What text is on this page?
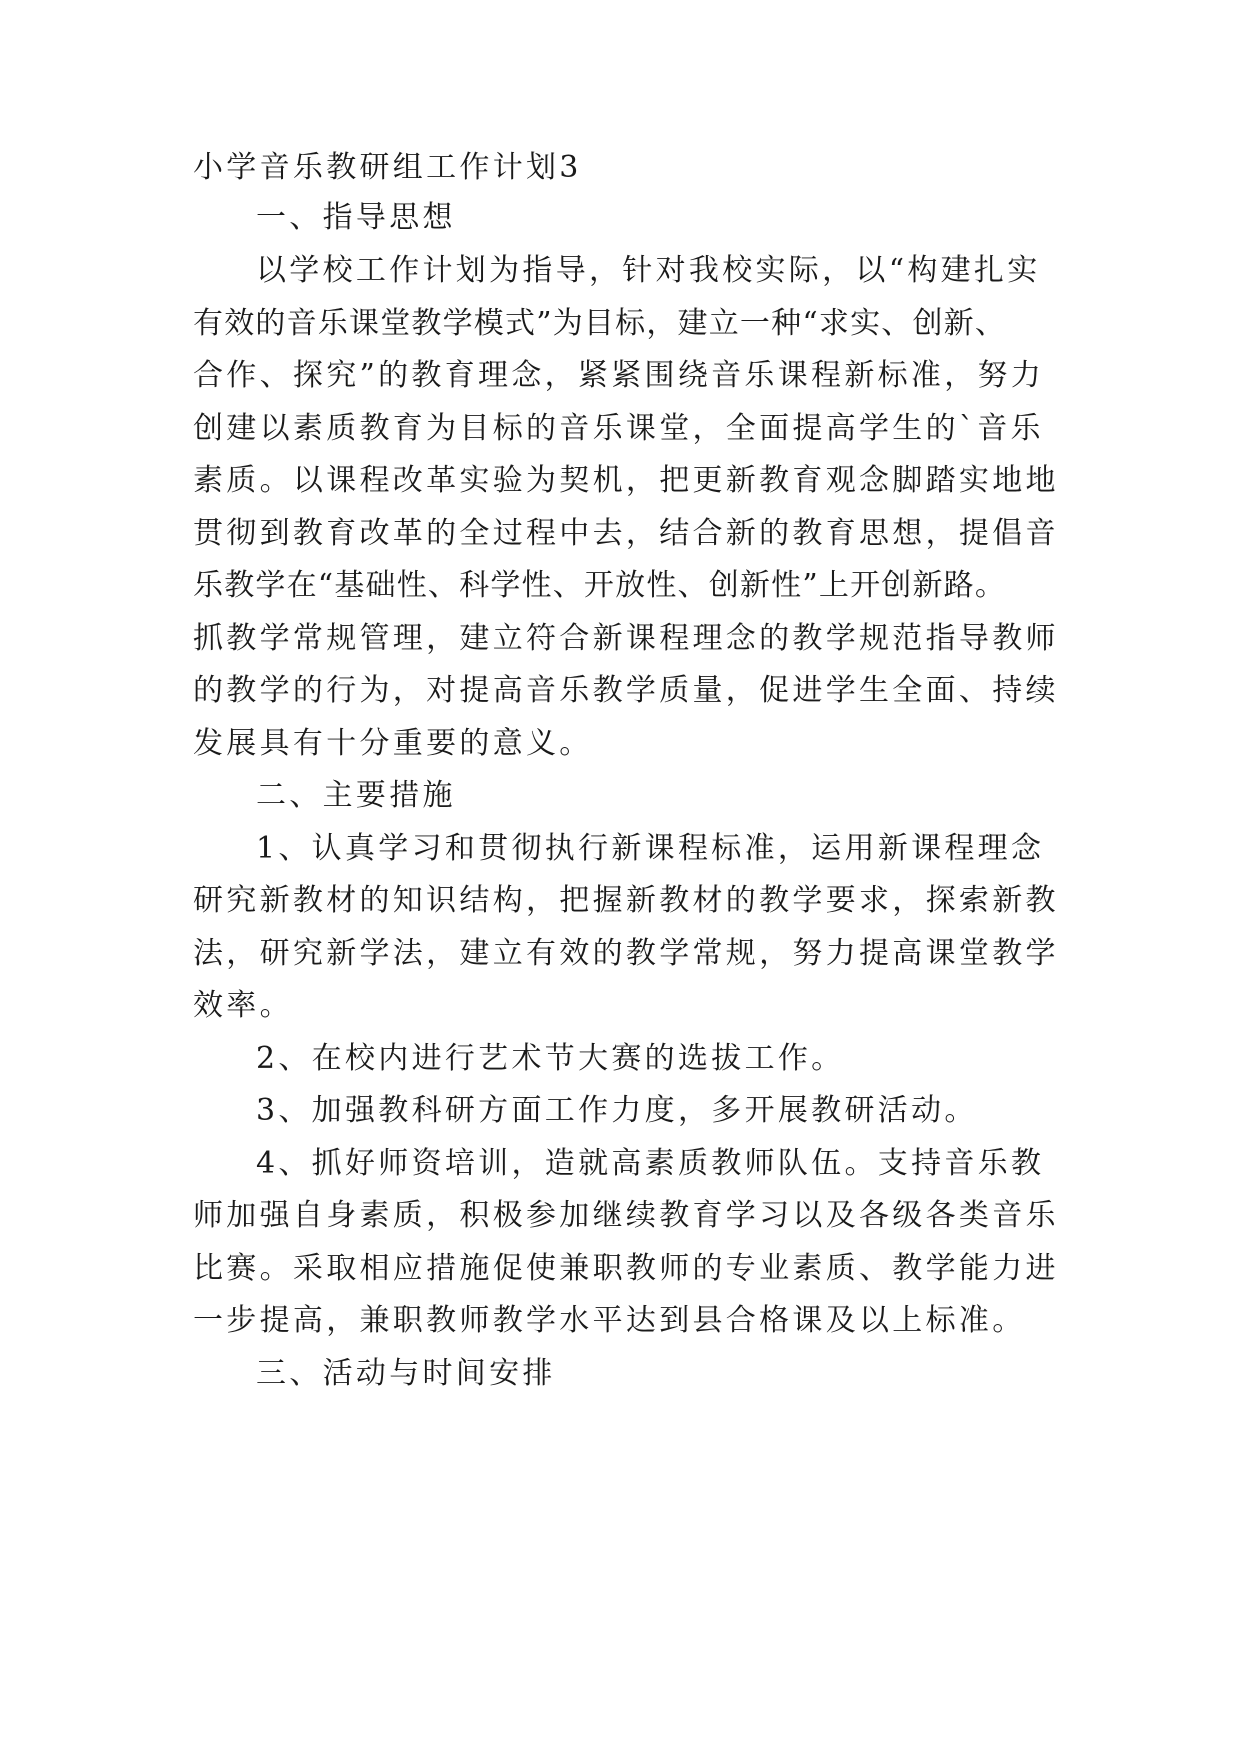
小学音乐教研组工作计划3
一、指导思想
以学校工作计划为指导，针对我校实际，以“构建扎实
有效的音乐课堂教学模式”为目标，建立一种“求实、创新、
合作、探究”的教育理念，紧紧围绕音乐课程新标准，努力
创建以素质教育为目标的音乐课堂，全面提高学生的`音乐
素质。以课程改革实验为契机，把更新教育观念脚踏实地地
贯彻到教育改革的全过程中去，结合新的教育思想，提倡音
乐教学在“基础性、科学性、开放性、创新性”上开创新路。
抓教学常规管理，建立符合新课程理念的教学规范指导教师
的教学的行为，对提高音乐教学质量，促进学生全面、持续
发展具有十分重要的意义。
二、主要措施
1、认真学习和贯彻执行新课程标准，运用新课程理念
研究新教材的知识结构，把握新教材的教学要求，探索新教
法，研究新学法，建立有效的教学常规，努力提高课堂教学
效率。
2、在校内进行艺术节大赛的选拔工作。
3、加强教科研方面工作力度，多开展教研活动。
4、抓好师资培训，造就高素质教师队伍。支持音乐教
师加强自身素质，积极参加继续教育学习以及各级各类音乐
比赛。采取相应措施促使兼职教师的专业素质、教学能力进
一步提高，兼职教师教学水平达到县合格课及以上标准。
三、活动与时间安排
